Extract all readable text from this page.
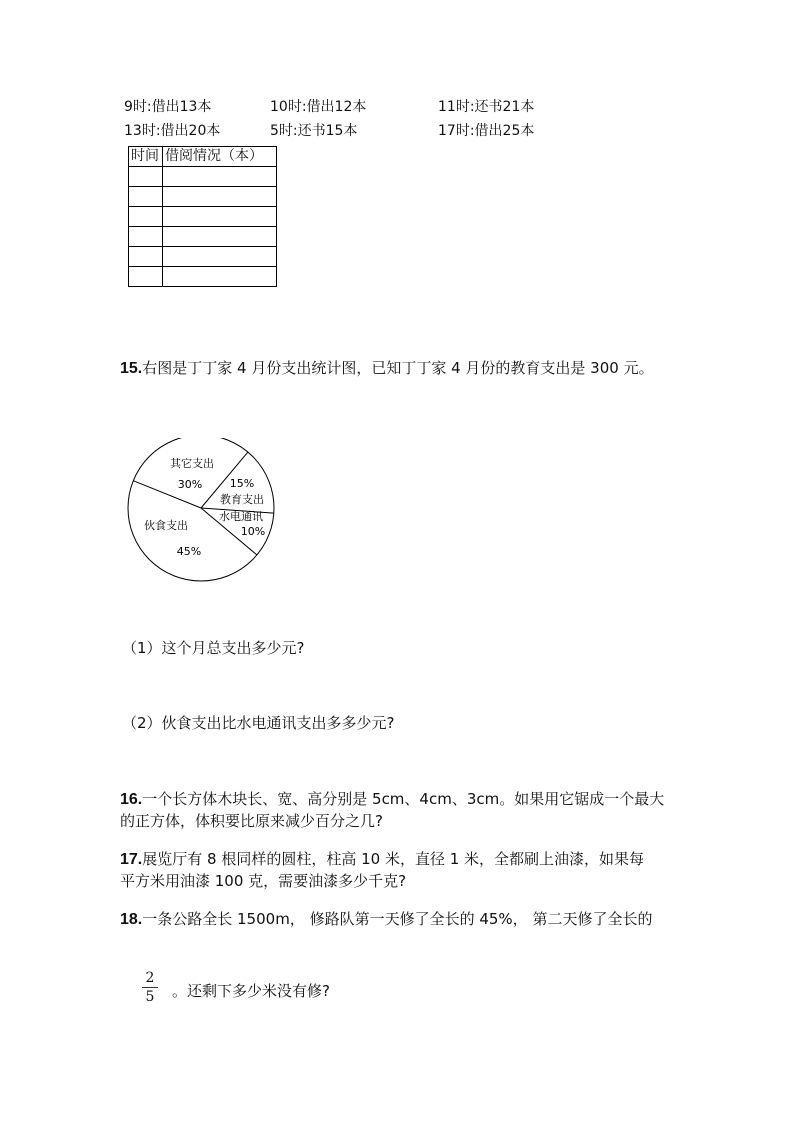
9时:借出13本	10时:借出12本	11时:还书21本
13时:借出20本	5时:还书15本	17时:借出25本
时间	借阅情况（本）

15.右图是丁丁家 4 月份支出统计图，已知丁丁家 4 月份的教育支出是 300 元。
其它支出
30%	15%
教育支出
水电通讯
10%
伙食支出
45%
（1）这个月总支出多少元?
（2）伙食支出比水电通讯支出多多少元?
16.一个长方体木块长、宽、高分别是 5cm、4cm、3cm。如果用它锯成一个最大
的正方体，体积要比原来减少百分之几?
17.展览厅有 8 根同样的圆柱，柱高 10 米，直径 1 米，全都刷上油漆，如果每
平方米用油漆 100 克，需要油漆多少千克?
18.一条公路全长 1500m， 修路队第一天修了全长的 45%， 第二天修了全长的
2
5 。还剩下多少米没有修?
